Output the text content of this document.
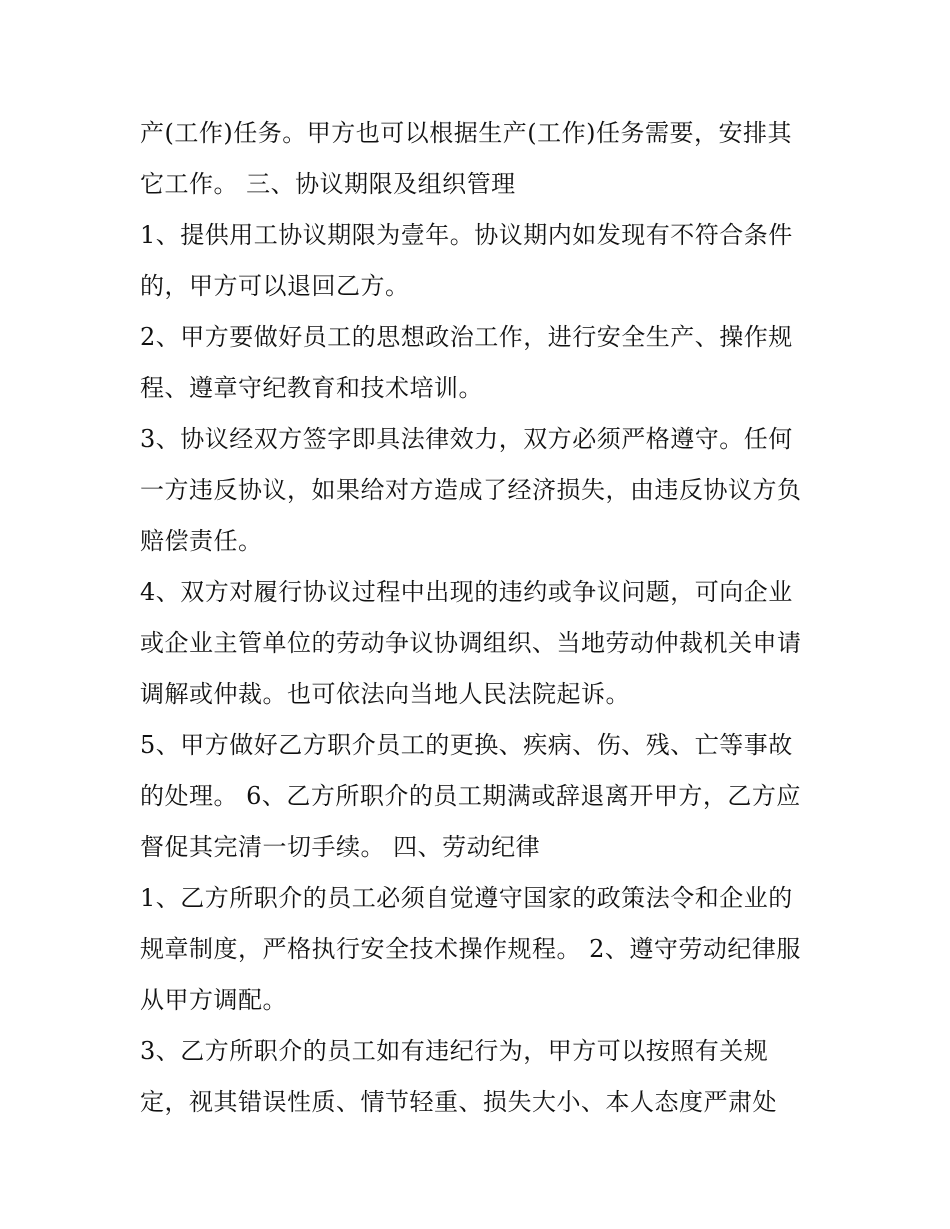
产(工作)任务。甲方也可以根据生产(工作)任务需要，安排其
它工作。 三、协议期限及组织管理
1、提供用工协议期限为壹年。协议期内如发现有不符合条件
的，甲方可以退回乙方。
2、甲方要做好员工的思想政治工作，进行安全生产、操作规
程、遵章守纪教育和技术培训。
3、协议经双方签字即具法律效力，双方必须严格遵守。任何
一方违反协议，如果给对方造成了经济损失，由违反协议方负
赔偿责任。
4、双方对履行协议过程中出现的违约或争议问题，可向企业
或企业主管单位的劳动争议协调组织、当地劳动仲裁机关申请
调解或仲裁。也可依法向当地人民法院起诉。
5、甲方做好乙方职介员工的更换、疾病、伤、残、亡等事故
的处理。 6、乙方所职介的员工期满或辞退离开甲方，乙方应
督促其完清一切手续。 四、劳动纪律
1、乙方所职介的员工必须自觉遵守国家的政策法令和企业的
规章制度，严格执行安全技术操作规程。 2、遵守劳动纪律服
从甲方调配。
3、乙方所职介的员工如有违纪行为，甲方可以按照有关规
定，视其错误性质、情节轻重、损失大小、本人态度严肃处
